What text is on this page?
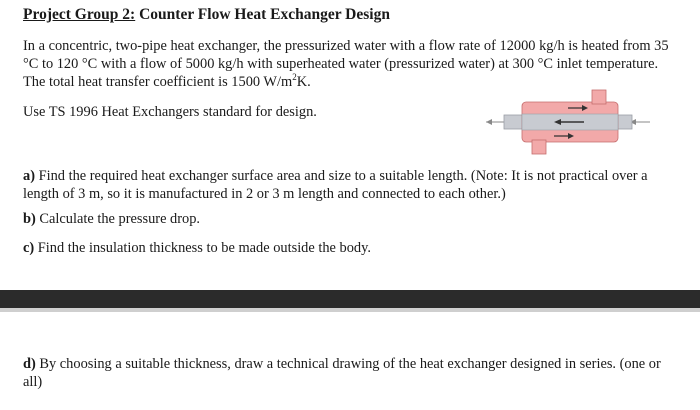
Project Group 2: Counter Flow Heat Exchanger Design
In a concentric, two-pipe heat exchanger, the pressurized water with a flow rate of 12000 kg/h is heated from 35 °C to 120 °C with a flow of 5000 kg/h with superheated water (pressurized water) at 300 °C inlet temperature. The total heat transfer coefficient is 1500 $W/m^2K$.
Use TS 1996 Heat Exchangers standard for design.
a) Find the required heat exchanger surface area and size to a suitable length. (Note: It is not practical over a length of 3 m, so it is manufactured in 2 or 3 m length and connected to each other.)
b) Calculate the pressure drop.
c) Find the insulation thickness to be made outside the body.
d) By choosing a suitable thickness, draw a technical drawing of the heat exchanger designed in series. (one or all)
